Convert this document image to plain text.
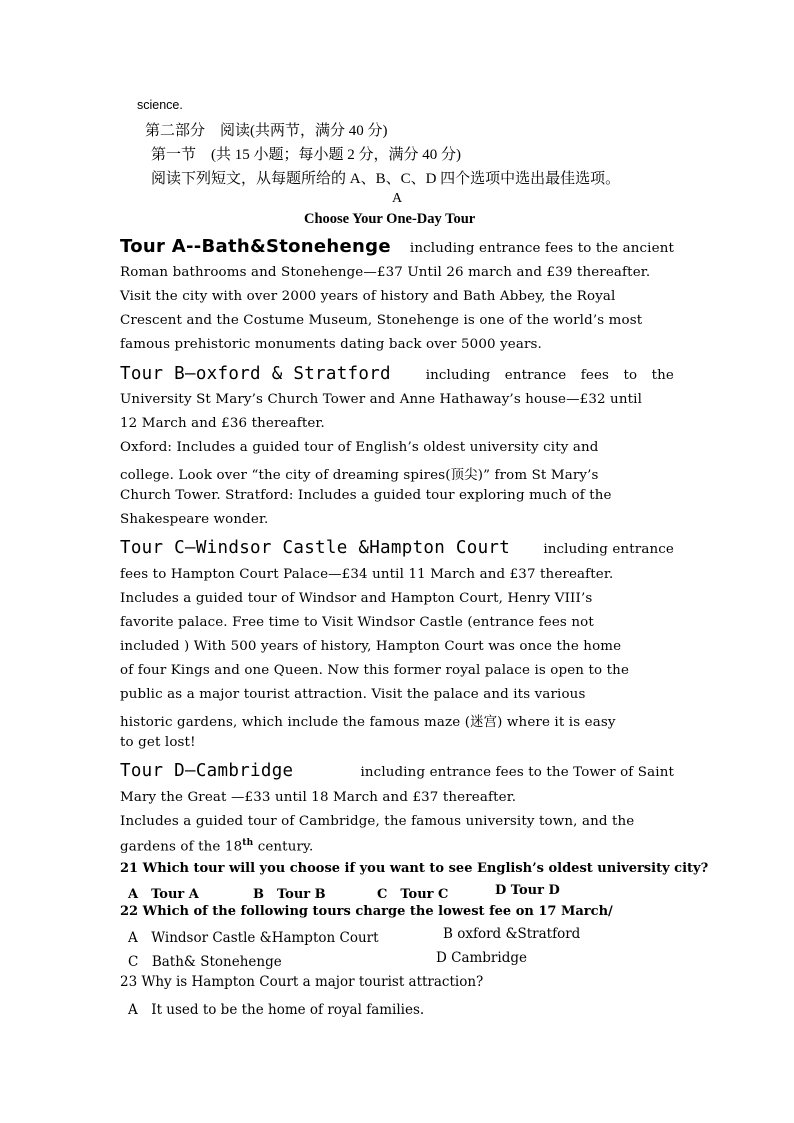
science.
第二部分　阅读(共两节，满分 40 分)
第一节　(共 15 小题；每小题 2 分，满分 40 分)
阅读下列短文，从每题所给的 A、B、C、D 四个选项中选出最佳选项。
A
Choose Your One-Day Tour
Tour A--Bath&Stonehenge including entrance fees to the ancient
Roman bathrooms and Stonehenge—£37 Until 26 march and £39 thereafter.
Visit the city with over 2000 years of history and Bath Abbey, the Royal
Crescent and the Costume Museum, Stonehenge is one of the world’s most
famous prehistoric monuments dating back over 5000 years.
Tour B—oxford & Stratford	including entrance fees to the
University St Mary’s Church Tower and Anne Hathaway’s house—£32 until
12 March and £36 thereafter.
Oxford: Includes a guided tour of English’s oldest university city and
college. Look over “the city of dreaming spires(顶尖)” from St Mary’s
Church Tower. Stratford: Includes a guided tour exploring much of the
Shakespeare wonder.
Tour C—Windsor Castle &Hampton Court including entrance
fees to Hampton Court Palace—£34 until 11 March and £37 thereafter.
Includes a guided tour of Windsor and Hampton Court, Henry VIII’s
favorite palace. Free time to Visit Windsor Castle (entrance fees not
included ) With 500 years of history, Hampton Court was once the home
of four Kings and one Queen. Now this former royal palace is open to the
public as a major tourist attraction. Visit the palace and its various
historic gardens, which include the famous maze (迷宫) where it is easy
to get lost!
Tour D—Cambridge	including entrance fees to the Tower of Saint
Mary the Great —£33 until 18 March and £37 thereafter.
Includes a guided tour of Cambridge, the famous university town, and the
gardens of the 18th century.
21 Which tour will you choose if you want to see English’s oldest university city?
A　Tour A	B　Tour B	C　Tour C	D Tour D
22 Which of the following tours charge the lowest fee on 17 March/
A　Windsor Castle &Hampton Court	B oxford &Stratford
C　Bath& Stonehenge	D Cambridge
23 Why is Hampton Court a major tourist attraction?
A　It used to be the home of royal families.
